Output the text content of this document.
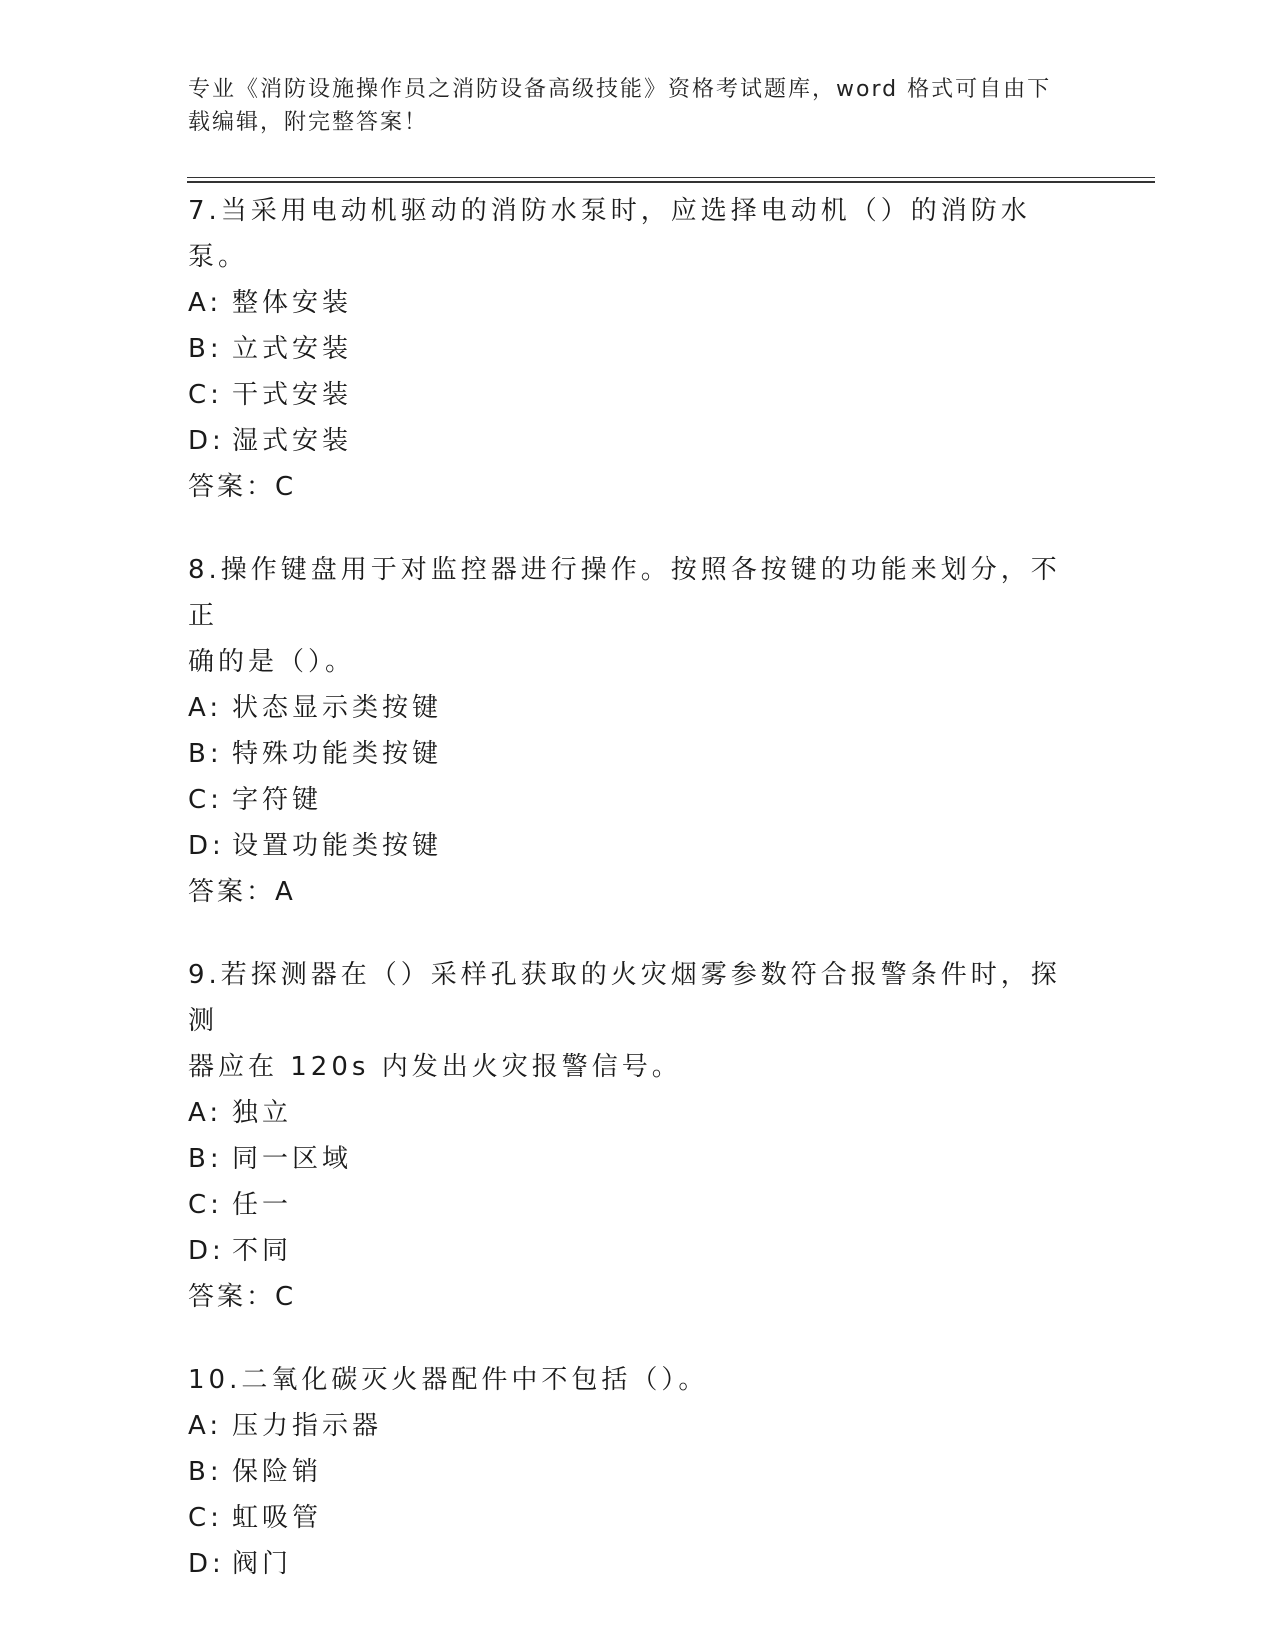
专业《消防设施操作员之消防设备高级技能》资格考试题库，word 格式可自由下
载编辑，附完整答案！
7.当采用电动机驱动的消防水泵时，应选择电动机（）的消防水泵。
A: 整体安装
B: 立式安装
C: 干式安装
D: 湿式安装
答案：C
8.操作键盘用于对监控器进行操作。按照各按键的功能来划分，不正
确的是（）。
A: 状态显示类按键
B: 特殊功能类按键
C: 字符键
D: 设置功能类按键
答案：A
9.若探测器在（）采样孔获取的火灾烟雾参数符合报警条件时，探测
器应在 120s 内发出火灾报警信号。
A: 独立
B: 同一区域
C: 任一
D: 不同
答案：C
10.二氧化碳灭火器配件中不包括（）。
A: 压力指示器
B: 保险销
C: 虹吸管
D: 阀门
